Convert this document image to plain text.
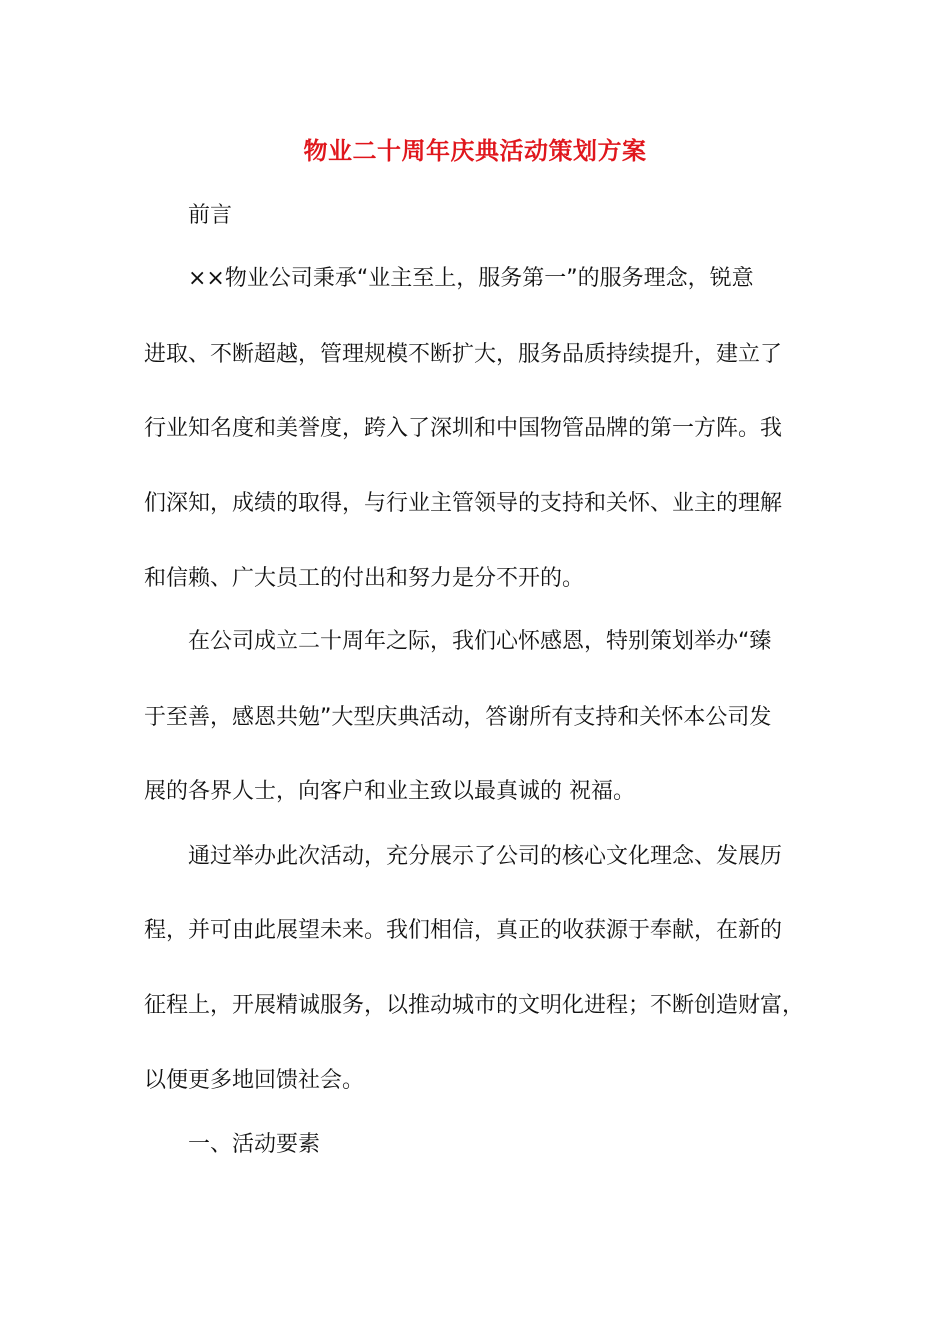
物业二十周年庆典活动策划方案

前言

××物业公司秉承“业主至上，服务第一”的服务理念，锐意

进取、不断超越，管理规模不断扩大，服务品质持续提升，建立了

行业知名度和美誉度，跨入了深圳和中国物管品牌的第一方阵。我

们深知，成绩的取得，与行业主管领导的支持和关怀、业主的理解

和信赖、广大员工的付出和努力是分不开的。

在公司成立二十周年之际，我们心怀感恩，特别策划举办“臻

于至善，感恩共勉”大型庆典活动，答谢所有支持和关怀本公司发

展的各界人士，向客户和业主致以最真诚的 祝福。

通过举办此次活动，充分展示了公司的核心文化理念、发展历

程，并可由此展望未来。我们相信，真正的收获源于奉献，在新的

征程上，开展精诚服务，以推动城市的文明化进程；不断创造财富，

以便更多地回馈社会。

一、活动要素
